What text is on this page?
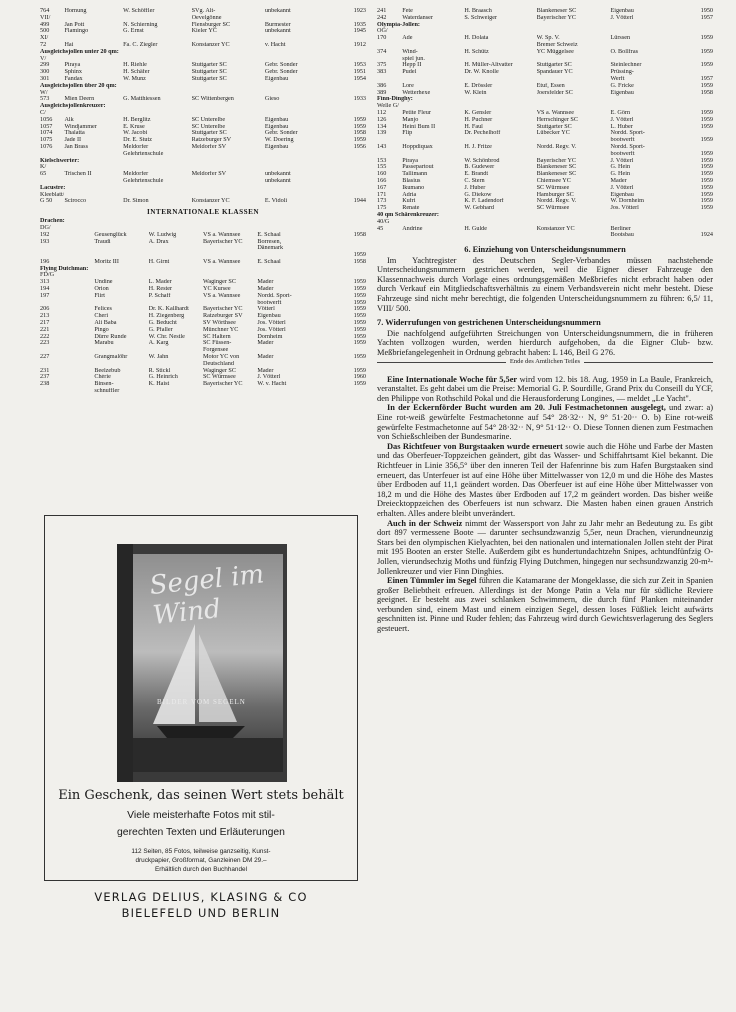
764	Hornung	W. Schöffler	SVg. Alt-	unbekannt	1923
VII/			Oevelgönne		
499	Jan Pott	N. Schierning	Flensburger SC	Burmester	1935
500	Flamingo	G. Ernst	Kieler YC	unbekannt	1945
XI/					
72	Hai	Fa. C. Ziegler	Konstanzer YC	v. Hacht	1912
Ausgleichsjollen unter 20 qm:					
V/					
299	Piraya	H. Riehle	Stuttgarter SC	Gebr. Sonder	1953
300	Sphinx	H. Schäfer	Stuttgarter SC	Gebr. Sonder	1951
301	Fandax	W. Munz	Stuttgarter SC	Eigenbau	1954
Ausgleichsjollen über 20 qm:					
W/					
573	Mien Deern	G. Matthiessen	SC Wittenbergen	Gieso	1933
Ausgleichsjollenkreuzer:					
C/					
1056	Alk	H. Berglitz	SC Unterelbe	Eigenbau	1959
1057	Windjammer	E. Kruse	SC Unterelbe	Eigenbau	1959
1074	Thalatta	W. Jacobi	Stuttgarter SC	Gebr. Sonder	1958
1075	Jade II	Dr. E. Stutz	Ratzeburger SV	W. Doering	1959
1076	Jan Brass	Meldorfer	Meldorfer SV	Eigenbau	1956
		Gelehrtenschule			
Kielschwerter:					
K/					
65	Trischen II	Meldorfer	Meldorfer SV	unbekannt	
		Gelehrtenschule		unbekannt	
Lacustre:					
Kleeblatt/					
G 50	Scirocco	Dr. Simon	Konstanzer YC	E. Vidoli	1944
INTERNATIONALE KLASSEN
Drachen:					
DG/					
192	Geusenglück	W. Ludwig	VS a. Wannsee	E. Schaal	1958
193	Traudi	A. Drax	Bayerischer YC	Borresen,	
				Dänemark	
					1959
196	Moritz III	H. Girnt	VS a. Wannsee	E. Schaal	1958
Flying Dutchman:					
FD/G					
313	Undine	L. Mader	Waginger SC	Mader	1959
194	Orion	H. Rester	YC Kursee	Mader	1959
197	Flirt	P. Schaff	VS a. Wannsee	Nordd. Sport-	1959
				bootwerft	1959
206	Felices	Dr. K. Kallhardt	Bayerischer YC	Vötterl	1959
213	Cheri	H. Ziegenberg	Ratzeburger SV	Eigenbau	1959
217	Ali Baba	G. Beducht	SV Wörthsee	Jos. Vötterl	1959
221	Pingo	G. Pfaller	Münchner YC	Jos. Vötterl	1959
222	Dürre Runde	W. Chr. Nestle	SC Haltern	Dornheim	1959
223	Marabu	A. Karg	SC Füssen-	Mader	1959
			Forgensee		
227	Grangmalöhr	W. Jahn	Motor YC von	Mader	1959
			Deutschland		
231	Beelzebub	R. Stickl	Waginger SC	Mader	1959
237	Chérie	G. Heinrich	SC Würmsee	J. Vötterl	1960
238	Binsen-	K. Haist	Bayerischer YC	W. v. Hacht	1959
	schnuffler				
Segel im Wind
BILDER VOM SEGELN
Ein Geschenk, das seinen Wert stets behält
Viele meisterhafte Fotos mit stil-
gerechten Texten und Erläuterungen
112 Seiten, 85 Fotos, teilweise ganzseitig, Kunst-
druckpapier, Großformat, Ganzleinen DM 29.–
Erhältlich durch den Buchhandel
VERLAG DELIUS, KLASING & CO
BIELEFELD UND BERLIN
241	Fete	H. Braasch	Blankeneser SC	Eigenbau	1950
242	Waterdanser	S. Schweiger	Bayerischer YC	J. Vötterl	1957
Olympia-Jollen:					
OG/					
170	Ade	H. Dolata	W. Sp. V.	Lürssen	1959
			Bremer Schweiz		
374	Wind-	H. Schütz	YC Müggelsee	O. Bollfras	1959
	spiel jun.				
375	Hepp II	H. Müller-Altvatter	Stuttgarter SC	Steinlechner	1959
383	Pudel	Dr. W. Knolle	Spandauer YC	Prüssing-	
				Werft	1957
386	Lore	E. Drössler	Etuf, Essen	G. Fricke	1959
389	Wetterhexe	W. Klein	Joersfelder SC	Eigenbau	1958
Finn-Dinghy:					
Welle G/					
112	Petite Fleur	K. Gensler	VS a. Wannsee	E. Görn	1959
126	Manjo	H. Puchner	Herrschinger SC	J. Vötterl	1959
134	Heini Bum II	H. Faul	Stuttgarter SC	L. Huber	1959
139	Flip	Dr. Pechelhoff	Lübecker YC	Nordd. Sport-	
				bootwerft	1959
143	Hoppdiquax	H. J. Fritze	Nordd. Regv. V.	Nordd. Sport-	
				bootwerft	1959
153	Piraya	W. Schönbrod	Bayerischer YC	J. Vötterl	1959
155	Passepartout	B. Gudewer	Blankeneser SC	G. Hein	1959
160	Tallimann	E. Brandt	Blankeneser SC	G. Hein	1959
166	Blasius	C. Stern	Chiemsee YC	Mader	1959
167	Ikumano	J. Huber	SC Würmsee	J. Vötterl	1959
171	Adria	G. Diekow	Hamburger SC	Eigenbau	1959
173	Kufri	K. F. Ladendorf	Nordd. Regv. V.	W. Dornheim	1959
175	Renate	W. Gebhard	SC Würmsee	Jos. Vötterl	1959
40 qm Schärenkreuzer:					
40/G					
45	Andrine	H. Gulde	Konstanzer YC	Berliner	
				Bootsbau	1924
6. Einziehung von Unterscheidungsnummern

Im Yachtregister des Deutschen Segler-Verbandes müssen nachstehende Unterscheidungsnummern gestrichen werden, weil die Eigner dieser Fahrzeuge den Klassennachweis durch Vorlage eines ordnungsgemäßen Meßbriefes nicht erbracht haben oder durch Verkauf ein Mitgliedschaftsverhältnis zu einem Verbandsverein nicht mehr besteht. Diese Fahrzeuge sind nicht mehr berechtigt, die folgenden Unterscheidungsnummern zu führen: 6,5/ 11, VIII/ 500.

7. Widerrufungen von gestrichenen Unterscheidungsnummern

Die nachfolgend aufgeführten Streichungen von Unterscheidungsnummern, die in früheren Yachten vollzogen wurden, werden hierdurch aufgehoben, da die Eigner Club- bzw. Meßbriefangelegenheit in Ordnung gebracht haben: L 146, Beil G 276.

Ende des Amtlichen Teiles

Eine Internationale Woche für 5,5er wird vom 12. bis 18. Aug. 1959 in La Baule, Frankreich, veranstaltet. Es geht dabei um die Preise: Memorial G. P. Sourdille, Grand Prix du Conseill du YCF, den Philippe von Rothschild Pokal und die Herausforderung Longines, — meldet „Le Yacht".

In der Eckernförder Bucht wurden am 20. Juli Festmachetonnen ausgelegt, und zwar: a) Eine rot-weiß gewürfelte Festmachetonne auf 54° 28·32·· N, 9° 51·20·· O. b) Eine rot-weiß gewürfelte Festmachetonne auf 54° 28·32·· N, 9° 51·12·· O. Diese Tonnen dienen zum Festmachen von Schießschleiben der Bundesmarine.

Das Richtfeuer von Burgstaaken wurde erneuert sowie auch die Höhe und Farbe der Masten und das Oberfeuer-Toppzeichen geändert, gibt das Wasser- und Schiffahrtsamt Kiel bekannt. Die Richtfeuer in Linie 356,5° über den inneren Teil der Hafenrinne bis zum Hafen Burgstaaken sind erneuert, das Unterfeuer ist auf eine Höhe über Mittelwasser von 12,0 m und die Höhe des Mastes über Erdboden auf 11,1 geändert worden. Das Oberfeuer ist auf eine Höhe über Mittelwasser von 18,2 m und die Höhe des Mastes über Erdboden auf 17,2 m geändert worden. Das bisher weiße Dreiecktoppzeichen des Oberfeuers ist nun schwarz. Die Masten haben einen grauen Anstrich erhalten. Alles andere bleibt unverändert.

Auch in der Schweiz nimmt der Wassersport von Jahr zu Jahr mehr an Bedeutung zu. Es gibt dort 897 vermessene Boote — darunter sechsundzwanzig 5,5er, neun Drachen, vierundneunzig Stars bei den olympischen Kielyachten, bei den nationalen und internationalen Jollen steht der Pirat mit 195 Booten an erster Stelle. Außerdem gibt es hundertundachtzehn Snipes, achtundfünfzig O-Jollen, vierundsechzig Moths und fünfzig Flying Dutchmen, hingegen nur sechsundzwanzig 20-m²-Jollenkreuzer und vier Finn Dinghies.

Einen Tümmler im Segel führen die Katamarane der Mongeklasse, die sich zur Zeit in Spanien großer Beliebtheit erfreuen. Allerdings ist der Monge Patin a Vela nur für südliche Reviere geeignet. Er besteht aus zwei schlanken Schwimmern, die durch fünf Planken miteinander verbunden sind, einem Mast und einem einzigen Segel, dessen loses Füßliek leicht aufwärts geschnitten ist. Pinne und Ruder fehlen; das Fahrzeug wird durch Gewichtsverlagerung des Seglers gesteuert.
